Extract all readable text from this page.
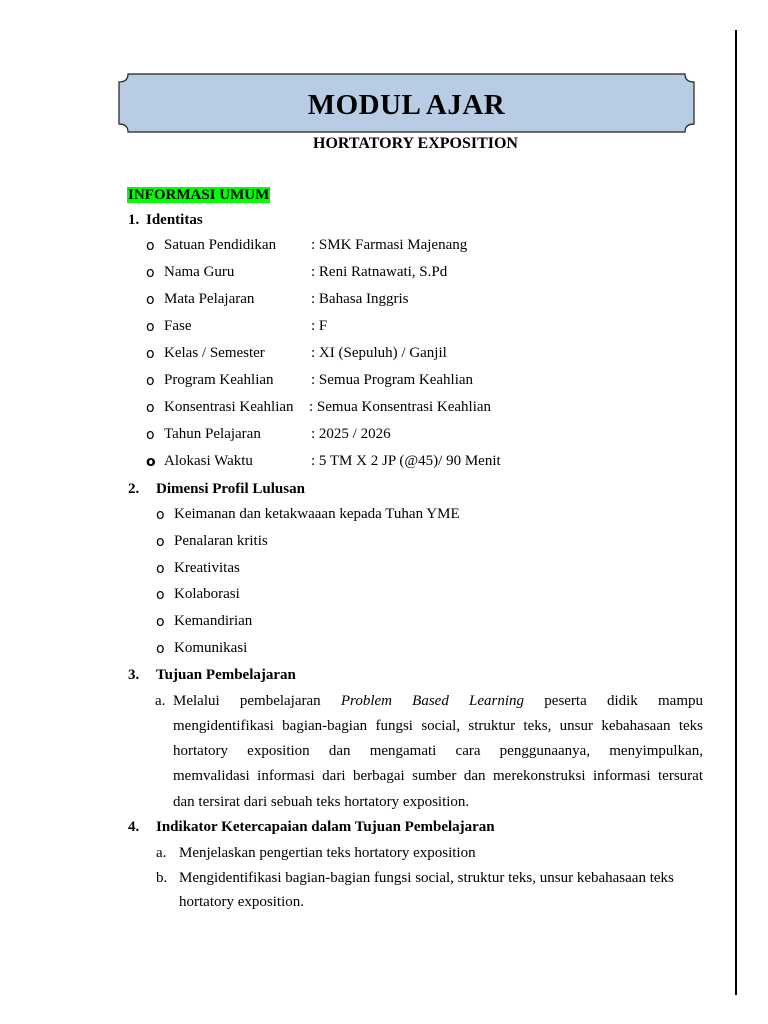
MODUL AJAR
HORTATORY EXPOSITION
INFORMASI UMUM
1. Identitas
o Satuan Pendidikan : SMK Farmasi Majenang
o Nama Guru	: Reni Ratnawati, S.Pd
o Mata Pelajaran	: Bahasa Inggris
o Fase	: F
o Kelas / Semester	: XI (Sepuluh) / Ganjil
o Program Keahlian : Semua Program Keahlian
o Konsentrasi Keahlian : Semua Konsentrasi Keahlian
o Tahun Pelajaran	: 2025 / 2026
o Alokasi Waktu	: 5 TM X 2 JP (@45)/ 90 Menit
2. Dimensi Profil Lulusan
o Keimanan dan ketakwaaan kepada Tuhan YME
o Penalaran kritis
o Kreativitas
o Kolaborasi
o Kemandirian
o Komunikasi
3. Tujuan Pembelajaran
a. Melalui pembelajaran Problem Based Learning peserta didik mampu
mengidentifikasi bagian-bagian fungsi social, struktur teks, unsur kebahasaan teks
hortatory exposition dan mengamati cara penggunaanya, menyimpulkan,
memvalidasi informasi dari berbagai sumber dan merekonstruksi informasi tersurat
dan tersirat dari sebuah teks hortatory exposition.
4. Indikator Ketercapaian dalam Tujuan Pembelajaran
a. Menjelaskan pengertian teks hortatory exposition
b. Mengidentifikasi bagian-bagian fungsi social, struktur teks, unsur kebahasaan teks
hortatory exposition.
